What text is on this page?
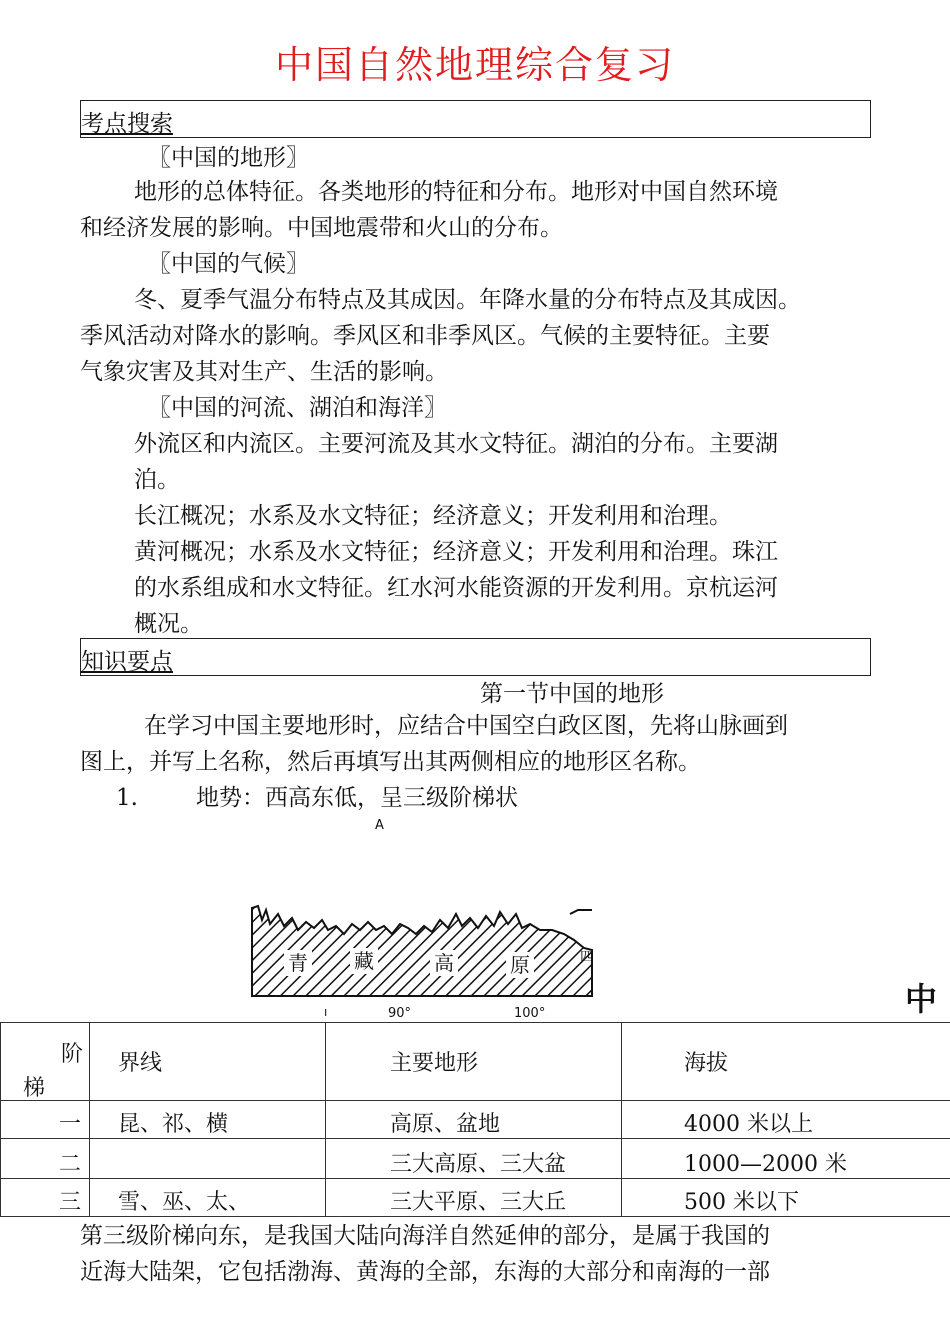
中国自然地理综合复习
考点搜索
〖中国的地形〗
地形的总体特征。各类地形的特征和分布。地形对中国自然环境
和经济发展的影响。中国地震带和火山的分布。
〖中国的气候〗
冬、夏季气温分布特点及其成因。年降水量的分布特点及其成因。
季风活动对降水的影响。季风区和非季风区。气候的主要特征。主要
气象灾害及其对生产、生活的影响。
〖中国的河流、湖泊和海洋〗
外流区和内流区。主要河流及其水文特征。湖泊的分布。主要湖
泊。
长江概况；水系及水文特征；经济意义；开发利用和治理。
黄河概况；水系及水文特征；经济意义；开发利用和治理。珠江
的水系组成和水文特征。红水河水能资源的开发利用。京杭运河
概况。
知识要点
第一节中国的地形
在学习中国主要地形时，应结合中国空白政区图，先将山脉画到
图上，并写上名称，然后再填写出其两侧相应的地形区名称。
1.	地势：西高东低，呈三级阶梯状
A
青 藏	高	原	四
ı	90°	100°	中
阶
梯	界线	主要地形	海拔
一	昆、祁、横	高原、盆地	4000 米以上
二		三大高原、三大盆	1000—2000 米
三	雪、巫、太、	三大平原、三大丘	500 米以下
第三级阶梯向东，是我国大陆向海洋自然延伸的部分，是属于我国的
近海大陆架，它包括渤海、黄海的全部，东海的大部分和南海的一部
